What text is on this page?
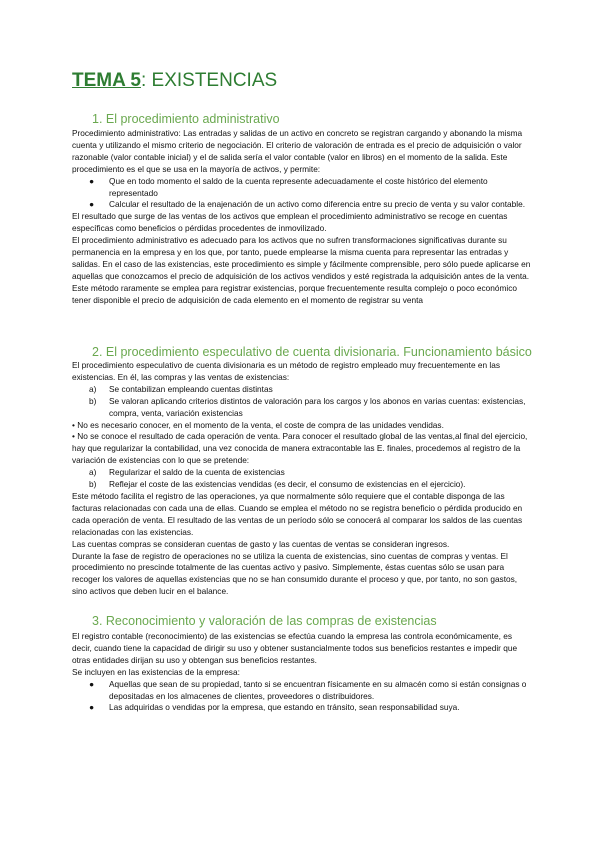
TEMA 5: EXISTENCIAS
1. El procedimiento administrativo

Procedimiento administrativo: Las entradas y salidas de un activo en concreto se registran cargando y abonando la misma cuenta y utilizando el mismo criterio de negociación. El criterio de valoración de entrada es el precio de adquisición o valor razonable (valor contable inicial) y el de salida sería el valor contable (valor en libros) en el momento de la salida. Este procedimiento es el que se usa en la mayoría de activos, y permite:

● Que en todo momento el saldo de la cuenta represente adecuadamente el coste histórico del elemento representado
● Calcular el resultado de la enajenación de un activo como diferencia entre su precio de venta y su valor contable.

El resultado que surge de las ventas de los activos que emplean el procedimiento administrativo se recoge en cuentas específicas como beneficios o pérdidas procedentes de inmovilizado.

El procedimiento administrativo es adecuado para los activos que no sufren transformaciones significativas durante su permanencia en la empresa y en los que, por tanto, puede emplearse la misma cuenta para representar las entradas y salidas. En el caso de las existencias, este procedimiento es simple y fácilmente comprensible, pero sólo puede aplicarse en aquellas que conozcamos el precio de adquisición de los activos vendidos y esté registrada la adquisición antes de la venta.

Este método raramente se emplea para registrar existencias, porque frecuentemente resulta complejo o poco económico tener disponible el precio de adquisición de cada elemento en el momento de registrar su venta

2. El procedimiento especulativo de cuenta divisionaria. Funcionamiento básico

El procedimiento especulativo de cuenta divisionaria es un método de registro empleado muy frecuentemente en las existencias. En él, las compras y las ventas de existencias:

a) Se contabilizan empleando cuentas distintas
b) Se valoran aplicando criterios distintos de valoración para los cargos y los abonos en varias cuentas: existencias, compra, venta, variación existencias

• No es necesario conocer, en el momento de la venta, el coste de compra de las unidades vendidas.

• No se conoce el resultado de cada operación de venta. Para conocer el resultado global de las ventas,al final del ejercicio, hay que regularizar la contabilidad, una vez conocida de manera extracontable las E. finales, procedemos al registro de la variación de existencias con lo que se pretende:

a) Regularizar el saldo de la cuenta de existencias
b) Reflejar el coste de las existencias vendidas (es decir, el consumo de existencias en el ejercicio).

Este método facilita el registro de las operaciones, ya que normalmente sólo requiere que el contable disponga de las facturas relacionadas con cada una de ellas. Cuando se emplea el método no se registra beneficio o pérdida producido en cada operación de venta. El resultado de las ventas de un período sólo se conocerá al comparar los saldos de las cuentas relacionadas con las existencias.

Las cuentas compras se consideran cuentas de gasto y las cuentas de ventas se consideran ingresos.

Durante la fase de registro de operaciones no se utiliza la cuenta de existencias, sino cuentas de compras y ventas. El procedimiento no prescinde totalmente de las cuentas activo y pasivo. Simplemente, éstas cuentas sólo se usan para recoger los valores de aquellas existencias que no se han consumido durante el proceso y que, por tanto, no son gastos, sino activos que deben lucir en el balance.

3. Reconocimiento y valoración de las compras de existencias

El registro contable (reconocimiento) de las existencias se efectúa cuando la empresa las controla económicamente, es decir, cuando tiene la capacidad de dirigir su uso y obtener sustancialmente todos sus beneficios restantes e impedir que otras entidades dirijan su uso y obtengan sus beneficios restantes.

Se incluyen en las existencias de la empresa:

● Aquellas que sean de su propiedad, tanto si se encuentran físicamente en su almacén como si están consignas o depositadas en los almacenes de clientes, proveedores o distribuidores.
● Las adquiridas o vendidas por la empresa, que estando en tránsito, sean responsabilidad suya.
